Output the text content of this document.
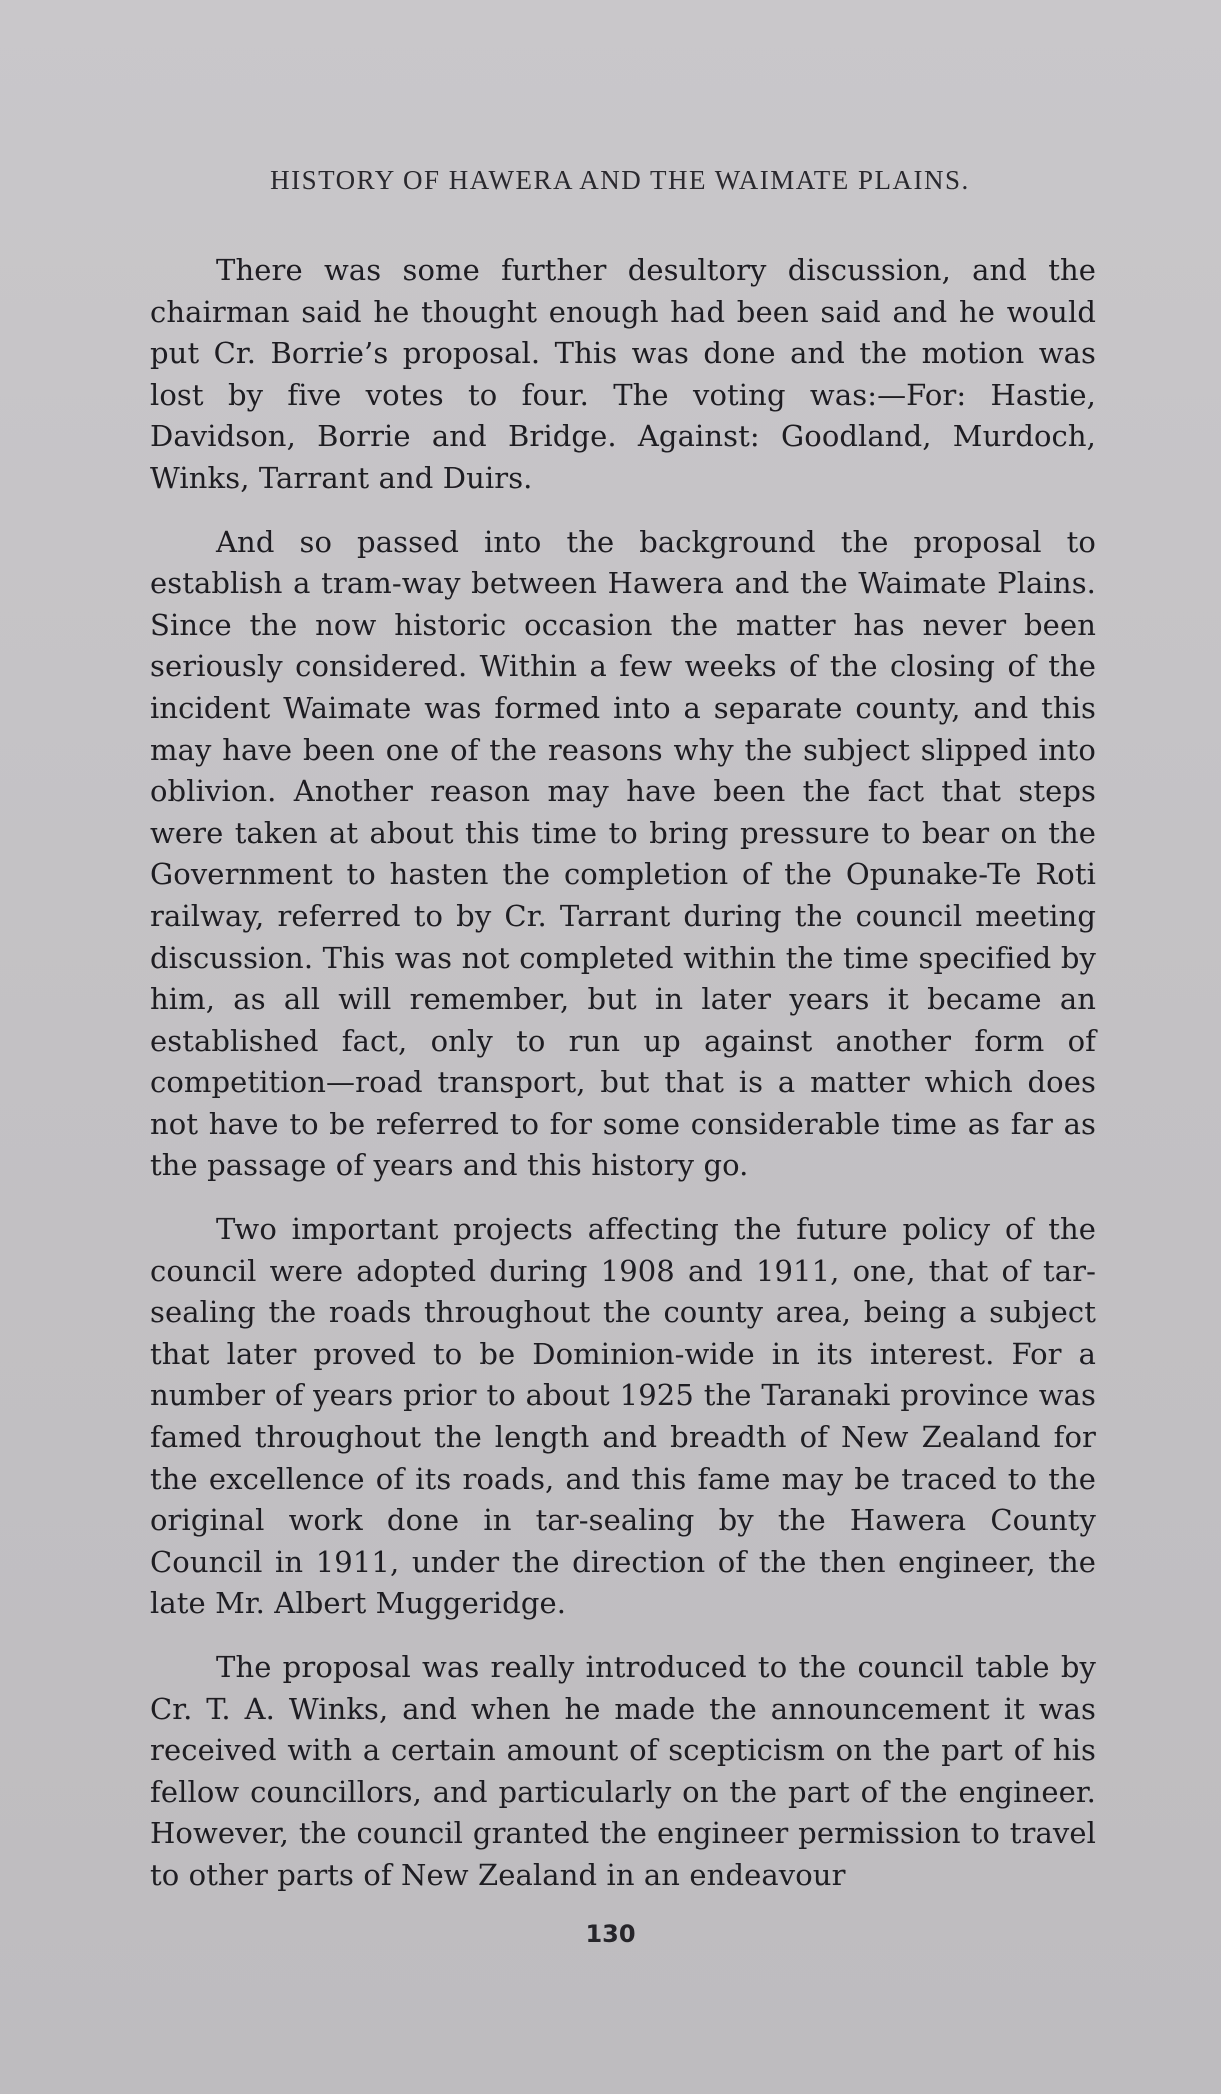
HISTORY OF HAWERA AND THE WAIMATE PLAINS.

There was some further desultory discussion, and the chairman said he thought enough had been said and he would put Cr. Borrie’s proposal. This was done and the motion was lost by five votes to four. The voting was:—For: Hastie, Davidson, Borrie and Bridge. Against: Goodland, Murdoch, Winks, Tarrant and Duirs.

And so passed into the background the proposal to establish a tram-way between Hawera and the Waimate Plains. Since the now historic occasion the matter has never been seriously considered. Within a few weeks of the closing of the incident Waimate was formed into a separate county, and this may have been one of the reasons why the subject slipped into oblivion. Another reason may have been the fact that steps were taken at about this time to bring pressure to bear on the Government to hasten the completion of the Opunake-Te Roti railway, referred to by Cr. Tarrant during the council meeting discussion. This was not completed within the time specified by him, as all will remember, but in later years it became an established fact, only to run up against another form of competition—road transport, but that is a matter which does not have to be referred to for some considerable time as far as the passage of years and this history go.

Two important projects affecting the future policy of the council were adopted during 1908 and 1911, one, that of tar-sealing the roads throughout the county area, being a subject that later proved to be Dominion-wide in its interest. For a number of years prior to about 1925 the Taranaki province was famed throughout the length and breadth of New Zealand for the excellence of its roads, and this fame may be traced to the original work done in tar-sealing by the Hawera County Council in 1911, under the direction of the then engineer, the late Mr. Albert Muggeridge.

The proposal was really introduced to the council table by Cr. T. A. Winks, and when he made the announcement it was received with a certain amount of scepticism on the part of his fellow councillors, and particularly on the part of the engineer. However, the council granted the engineer permission to travel to other parts of New Zealand in an endeavour

130
